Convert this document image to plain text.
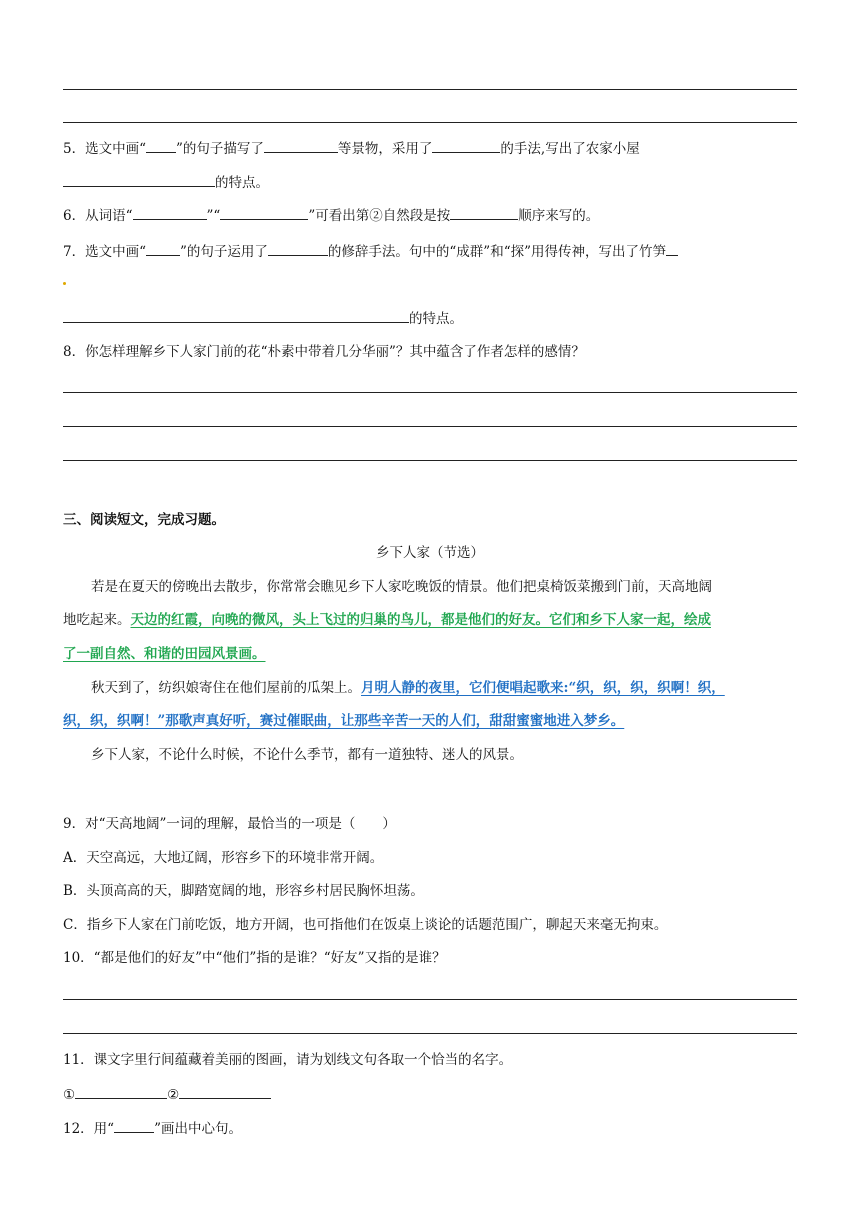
5．选文中画“ ”的句子描写了	等景物，采用了	的手法,写出了农家小屋
的特点。
6．从词语“	”“	”可看出第②自然段是按	顺序来写的。
7．选文中画“	”的句子运用了	的修辞手法。句中的“成群”和“探”用得传神，写出了竹笋
的特点。
8．你怎样理解乡下人家门前的花“朴素中带着几分华丽”？其中蕴含了作者怎样的感情？
三、阅读短文，完成习题。
乡下人家（节选）
若是在夏天的傍晚出去散步，你常常会瞧见乡下人家吃晚饭的情景。他们把桌椅饭菜搬到门前，天高地阔
地吃起来。天边的红霞，向晚的微风，头上飞过的归巢的鸟儿，都是他们的好友。它们和乡下人家一起，绘成
了一副自然、和谐的田园风景画。
秋天到了，纺织娘寄住在他们屋前的瓜架上。月明人静的夜里，它们便唱起歌来:“织，织，织，织啊！织，
织，织，织啊！”那歌声真好听，赛过催眠曲，让那些辛苦一天的人们，甜甜蜜蜜地进入梦乡。
乡下人家，不论什么时候，不论什么季节，都有一道独特、迷人的风景。
9．对“天高地阔”一词的理解，最恰当的一项是（　　）
A．天空高远，大地辽阔，形容乡下的环境非常开阔。
B．头顶高高的天，脚踏宽阔的地，形容乡村居民胸怀坦荡。
C．指乡下人家在门前吃饭，地方开阔，也可指他们在饭桌上谈论的话题范围广，聊起天来毫无拘束。
10．“都是他们的好友”中“他们”指的是谁？“好友”又指的是谁？
11．课文字里行间蕴藏着美丽的图画，请为划线文句各取一个恰当的名字。
①	②
12．用“	”画出中心句。
